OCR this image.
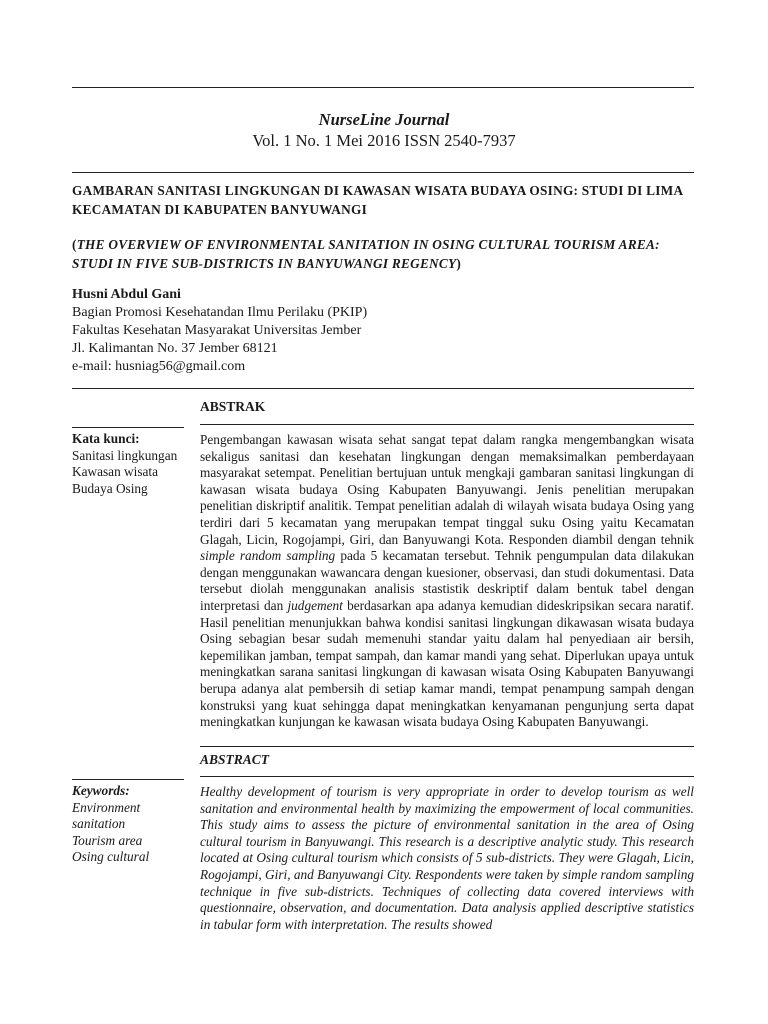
NurseLine Journal
Vol. 1 No. 1 Mei 2016 ISSN 2540-7937
GAMBARAN SANITASI LINGKUNGAN DI KAWASAN WISATA BUDAYA OSING: STUDI DI LIMA KECAMATAN DI KABUPATEN BANYUWANGI
(THE OVERVIEW OF ENVIRONMENTAL SANITATION IN OSING CULTURAL TOURISM AREA: STUDI IN FIVE SUB-DISTRICTS IN BANYUWANGI REGENCY)
Husni Abdul Gani
Bagian Promosi Kesehatandan Ilmu Perilaku (PKIP)
Fakultas Kesehatan Masyarakat Universitas Jember
Jl. Kalimantan No. 37 Jember 68121
e-mail: husniag56@gmail.com
ABSTRAK
Kata kunci:
Sanitasi lingkungan
Kawasan wisata
Budaya Osing
Pengembangan kawasan wisata sehat sangat tepat dalam rangka mengembangkan wisata sekaligus sanitasi dan kesehatan lingkungan dengan memaksimalkan pemberdayaan masyarakat setempat. Penelitian bertujuan untuk mengkaji gambaran sanitasi lingkungan di kawasan wisata budaya Osing Kabupaten Banyuwangi. Jenis penelitian merupakan penelitian diskriptif analitik. Tempat penelitian adalah di wilayah wisata budaya Osing yang terdiri dari 5 kecamatan yang merupakan tempat tinggal suku Osing yaitu Kecamatan Glagah, Licin, Rogojampi, Giri, dan Banyuwangi Kota. Responden diambil dengan tehnik simple random sampling pada 5 kecamatan tersebut. Tehnik pengumpulan data dilakukan dengan menggunakan wawancara dengan kuesioner, observasi, dan studi dokumentasi. Data tersebut diolah menggunakan analisis stastistik deskriptif dalam bentuk tabel dengan interpretasi dan judgement berdasarkan apa adanya kemudian dideskripsikan secara naratif. Hasil penelitian menunjukkan bahwa kondisi sanitasi lingkungan dikawasan wisata budaya Osing sebagian besar sudah memenuhi standar yaitu dalam hal penyediaan air bersih, kepemilikan jamban, tempat sampah, dan kamar mandi yang sehat. Diperlukan upaya untuk meningkatkan sarana sanitasi lingkungan di kawasan wisata Osing Kabupaten Banyuwangi berupa adanya alat pembersih di setiap kamar mandi, tempat penampung sampah dengan konstruksi yang kuat sehingga dapat meningkatkan kenyamanan pengunjung serta dapat meningkatkan kunjungan ke kawasan wisata budaya Osing Kabupaten Banyuwangi.
ABSTRACT
Keywords:
Environment sanitation
Tourism area
Osing cultural
Healthy development of tourism is very appropriate in order to develop tourism as well sanitation and environmental health by maximizing the empowerment of local communities. This study aims to assess the picture of environmental sanitation in the area of Osing cultural tourism in Banyuwangi. This research is a descriptive analytic study. This research located at Osing cultural tourism which consists of 5 sub-districts. They were Glagah, Licin, Rogojampi, Giri, and Banyuwangi City. Respondents were taken by simple random sampling technique in five sub-districts. Techniques of collecting data covered interviews with questionnaire, observation, and documentation. Data analysis applied descriptive statistics in tabular form with interpretation. The results showed
